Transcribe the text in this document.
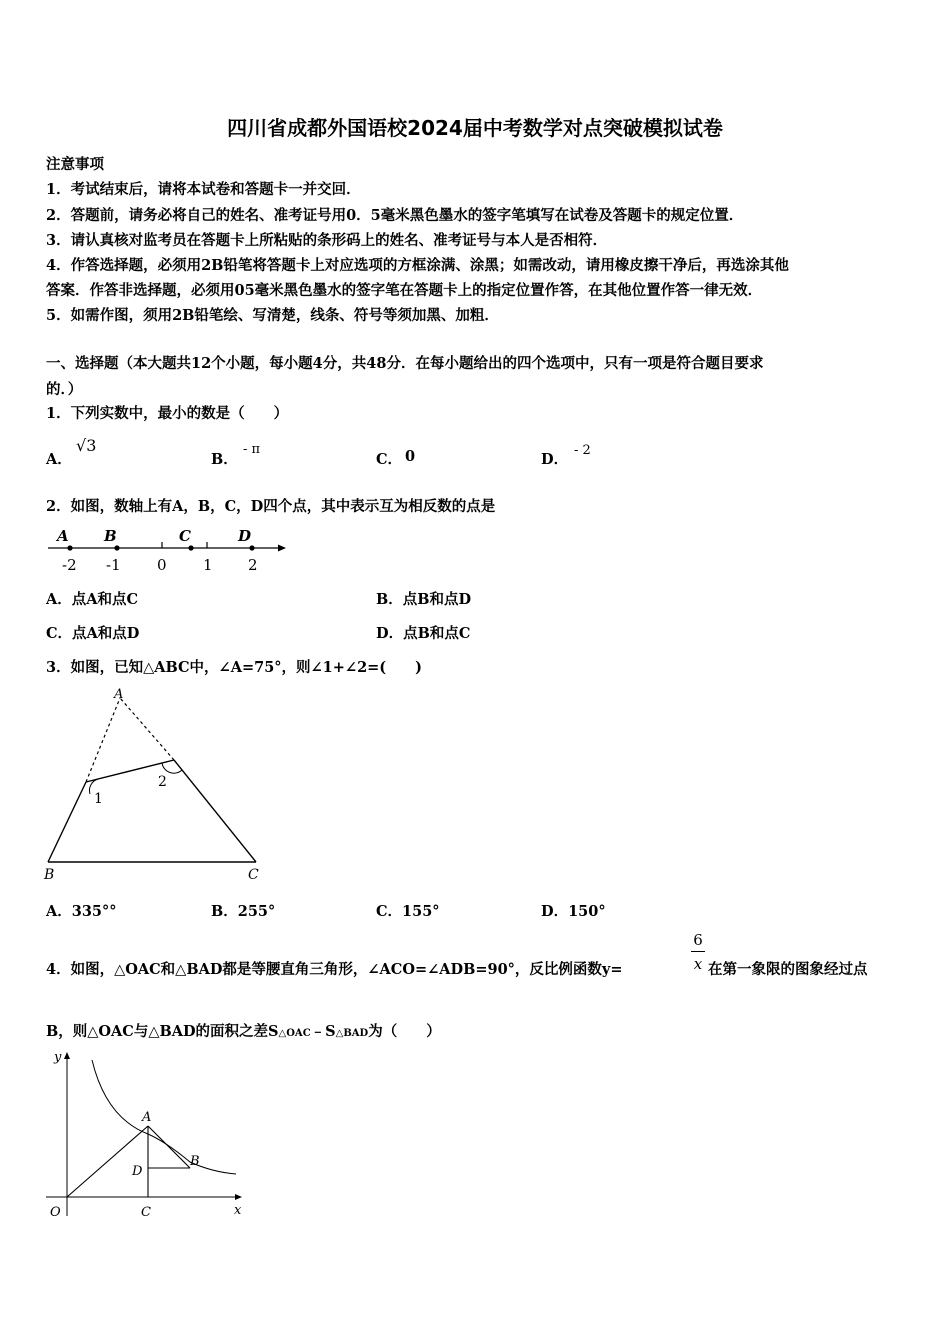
四川省成都外国语校2024届中考数学对点突破模拟试卷
注意事项
1．考试结束后，请将本试卷和答题卡一并交回．
2．答题前，请务必将自己的姓名、准考证号用0．5毫米黑色墨水的签字笔填写在试卷及答题卡的规定位置．
3．请认真核对监考员在答题卡上所粘贴的条形码上的姓名、准考证号与本人是否相符．
4．作答选择题，必须用2B铅笔将答题卡上对应选项的方框涂满、涂黑；如需改动，请用橡皮擦干净后，再选涂其他
答案．作答非选择题，必须用05毫米黑色墨水的签字笔在答题卡上的指定位置作答，在其他位置作答一律无效．
5．如需作图，须用2B铅笔绘、写清楚，线条、符号等须加黑、加粗．
一、选择题（本大题共12个小题，每小题4分，共48分．在每小题给出的四个选项中，只有一项是符合题目要求
的．）
1．下列实数中，最小的数是（　　）
A．
√3
B．
- π
C． 0	D．
- 2
2．如图，数轴上有A，B，C，D四个点，其中表示互为相反数的点是
A B	C	D
-2 -1 0 1 2
A．点A和点C	B．点B和点D
C．点A和点D	D．点B和点C
3．如图，已知△ABC中，∠A=75°，则∠1+∠2=(　　)
A
B	C
1
2
A．335°°	B．255°	C．155°	D．150°
4．如图，△OAC和△BAD都是等腰直角三角形，∠ACO=∠ADB=90°，反比例函数y=
6
x 在第一象限的图象经过点
B，则△OAC与△BAD的面积之差S△OAC﹣S△BAD为（　　）
y
x
O
A
B
C
D
